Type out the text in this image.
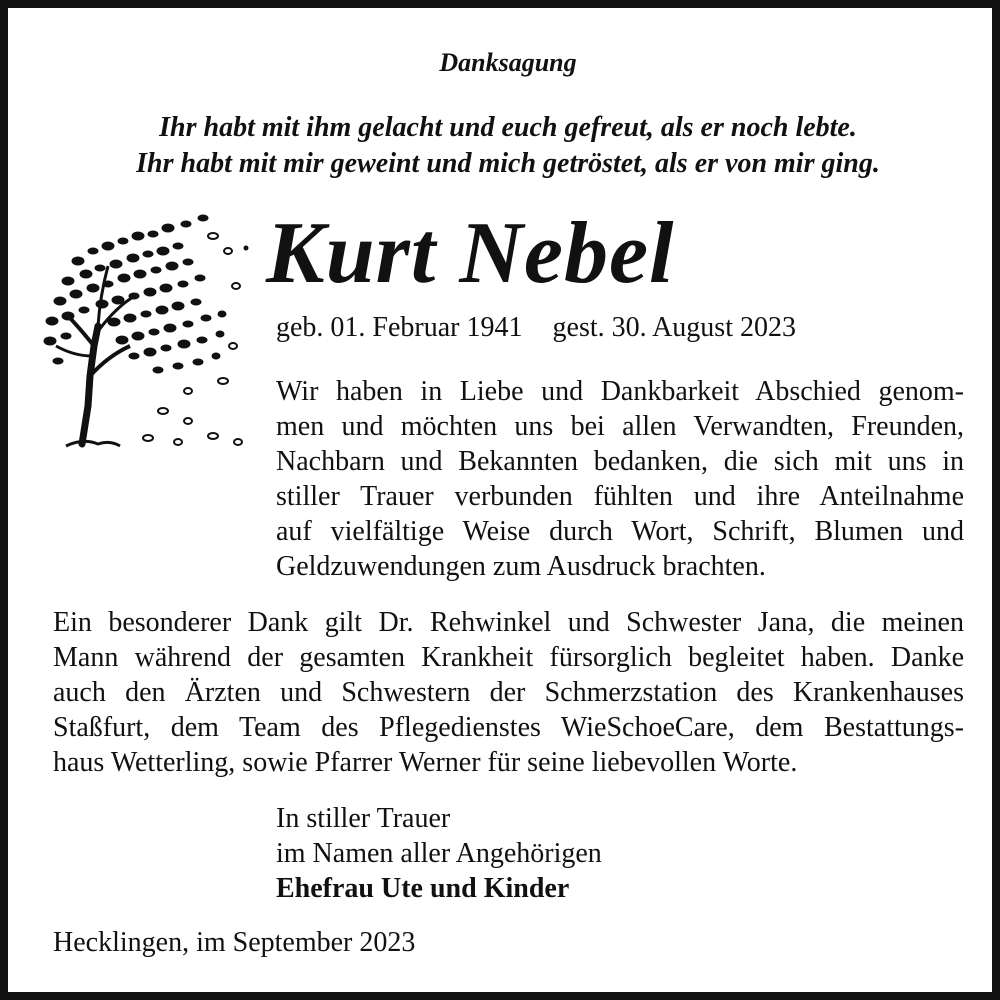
Danksagung
Ihr habt mit ihm gelacht und euch gefreut, als er noch lebte.
Ihr habt mit mir geweint und mich getröstet, als er von mir ging.
Kurt Nebel
geb. 01. Februar 1941 gest. 30. August 2023
Wir haben in Liebe und Dankbarkeit Abschied genom-
men und möchten uns bei allen Verwandten, Freunden,
Nachbarn und Bekannten bedanken, die sich mit uns in
stiller Trauer verbunden fühlten und ihre Anteilnahme
auf vielfältige Weise durch Wort, Schrift, Blumen und
Geldzuwendungen zum Ausdruck brachten.
Ein besonderer Dank gilt Dr. Rehwinkel und Schwester Jana, die meinen
Mann während der gesamten Krankheit fürsorglich begleitet haben. Danke
auch den Ärzten und Schwestern der Schmerzstation des Krankenhauses
Staßfurt, dem Team des Pflegedienstes WieSchoeCare, dem Bestattungs-
haus Wetterling, sowie Pfarrer Werner für seine liebevollen Worte.
In stiller Trauer
im Namen aller Angehörigen
Ehefrau Ute und Kinder
Hecklingen, im September 2023
